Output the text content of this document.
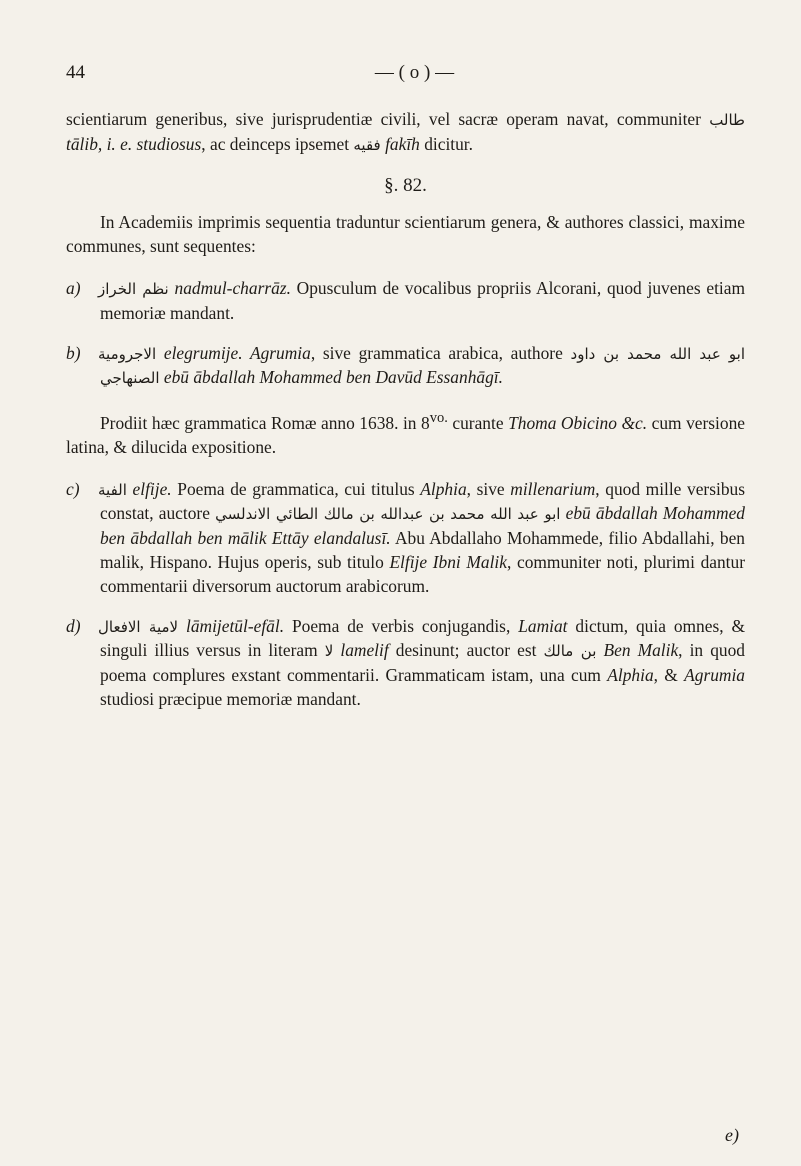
44	— ( o ) —

scientiarum generibus, sive jurisprudentiæ civili, vel sacræ operam navat, communiter طالب tālib, i. e. studiosus, ac deinceps ipsemet فقيه fakīh dicitur.

§. 82.

In Academiis imprimis sequentia traduntur scientiarum genera, & authores classici, maxime communes, sunt sequentes:

a) نظم الخراز nadmul-charrāz. Opusculum de vocalibus propriis Alcorani, quod juvenes etiam memoriæ mandant.

b) الاجرومية elegrumije. Agrumia, sive grammatica arabica, authore ابو عبد الله محمد بن داود الصنهاجي ebū ābdallah Mohammed ben Davūd Essanhāgī.

Prodiit hæc grammatica Romæ anno 1638. in $8^{vo.}$ curante Thoma Obicino &c. cum versione latina, & dilucida expositione.

c) الفية elfije. Poema de grammatica, cui titulus Alphia, sive millenarium, quod mille versibus constat, auctore ابو عبد الله محمد بن عبدالله بن مالك الطائي الاندلسي ebū ābdallah Mohammed ben ābdallah ben mālik Ettāy elandalusī. Abu Abdallaho Mohammede, filio Abdallahi, ben malik, Hispano. Hujus operis, sub titulo Elfije Ibni Malik, communiter noti, plurimi dantur commentarii diversorum auctorum arabicorum.

d) لامية الافعال lāmijetūl-efāl. Poema de verbis conjugandis, Lamiat dictum, quia omnes, & singuli illius versus in literam لا lamelif desinunt; auctor est بن مالك Ben Malik, in quod poema complures exstant commentarii. Grammaticam istam, una cum Alphia, & Agrumia studiosi præcipue memoriæ mandant.

e)
